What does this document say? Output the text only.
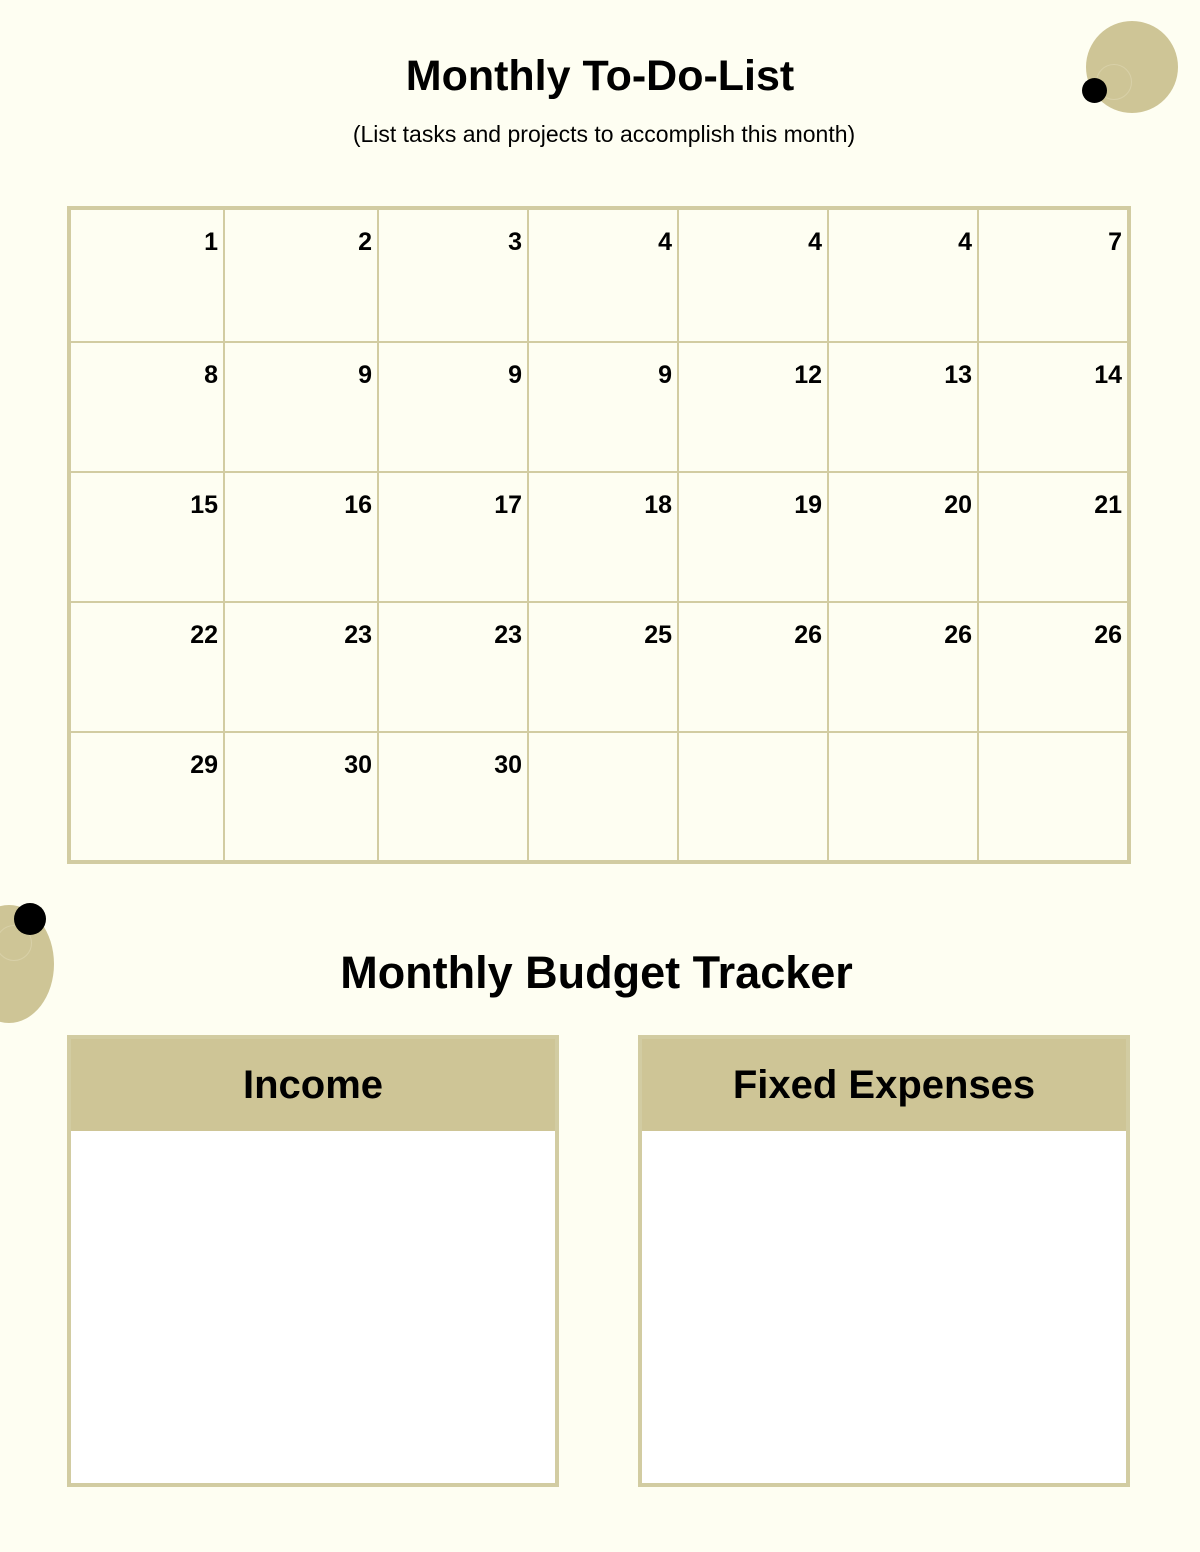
Monthly To-Do-List
(List tasks and projects to accomplish this month)
1	2	3	4	4	4	7
8	9	9	9	12	13	14
15	16	17	18	19	20	21
22	23	23	25	26	26	26
29	30	30
Monthly Budget Tracker
Income	Fixed Expenses
